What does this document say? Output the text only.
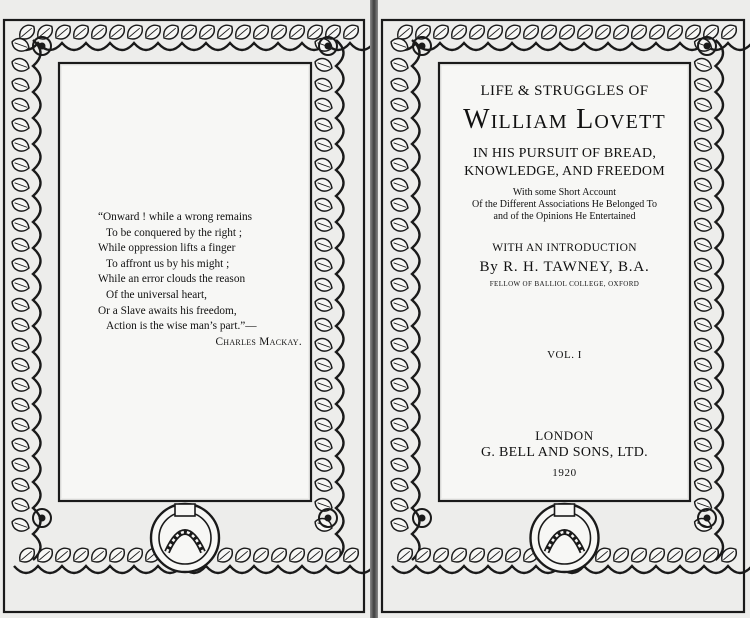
“Onward ! while a wrong remains
To be conquered by the right ;
While oppression lifts a finger
To affront us by his might ;
While an error clouds the reason
Of the universal heart,
Or a Slave awaits his freedom,
Action is the wise man’s part.”—
Charles Mackay.
LIFE & STRUGGLES OF
William Lovett
IN HIS PURSUIT OF BREAD,
KNOWLEDGE, AND FREEDOM
With some Short Account
Of the Different Associations He Belonged To
and of the Opinions He Entertained
WITH AN INTRODUCTION
By R. H. TAWNEY, B.A.
FELLOW OF BALLIOL COLLEGE, OXFORD
VOL. I
LONDON
G. BELL AND SONS, LTD.
1920
